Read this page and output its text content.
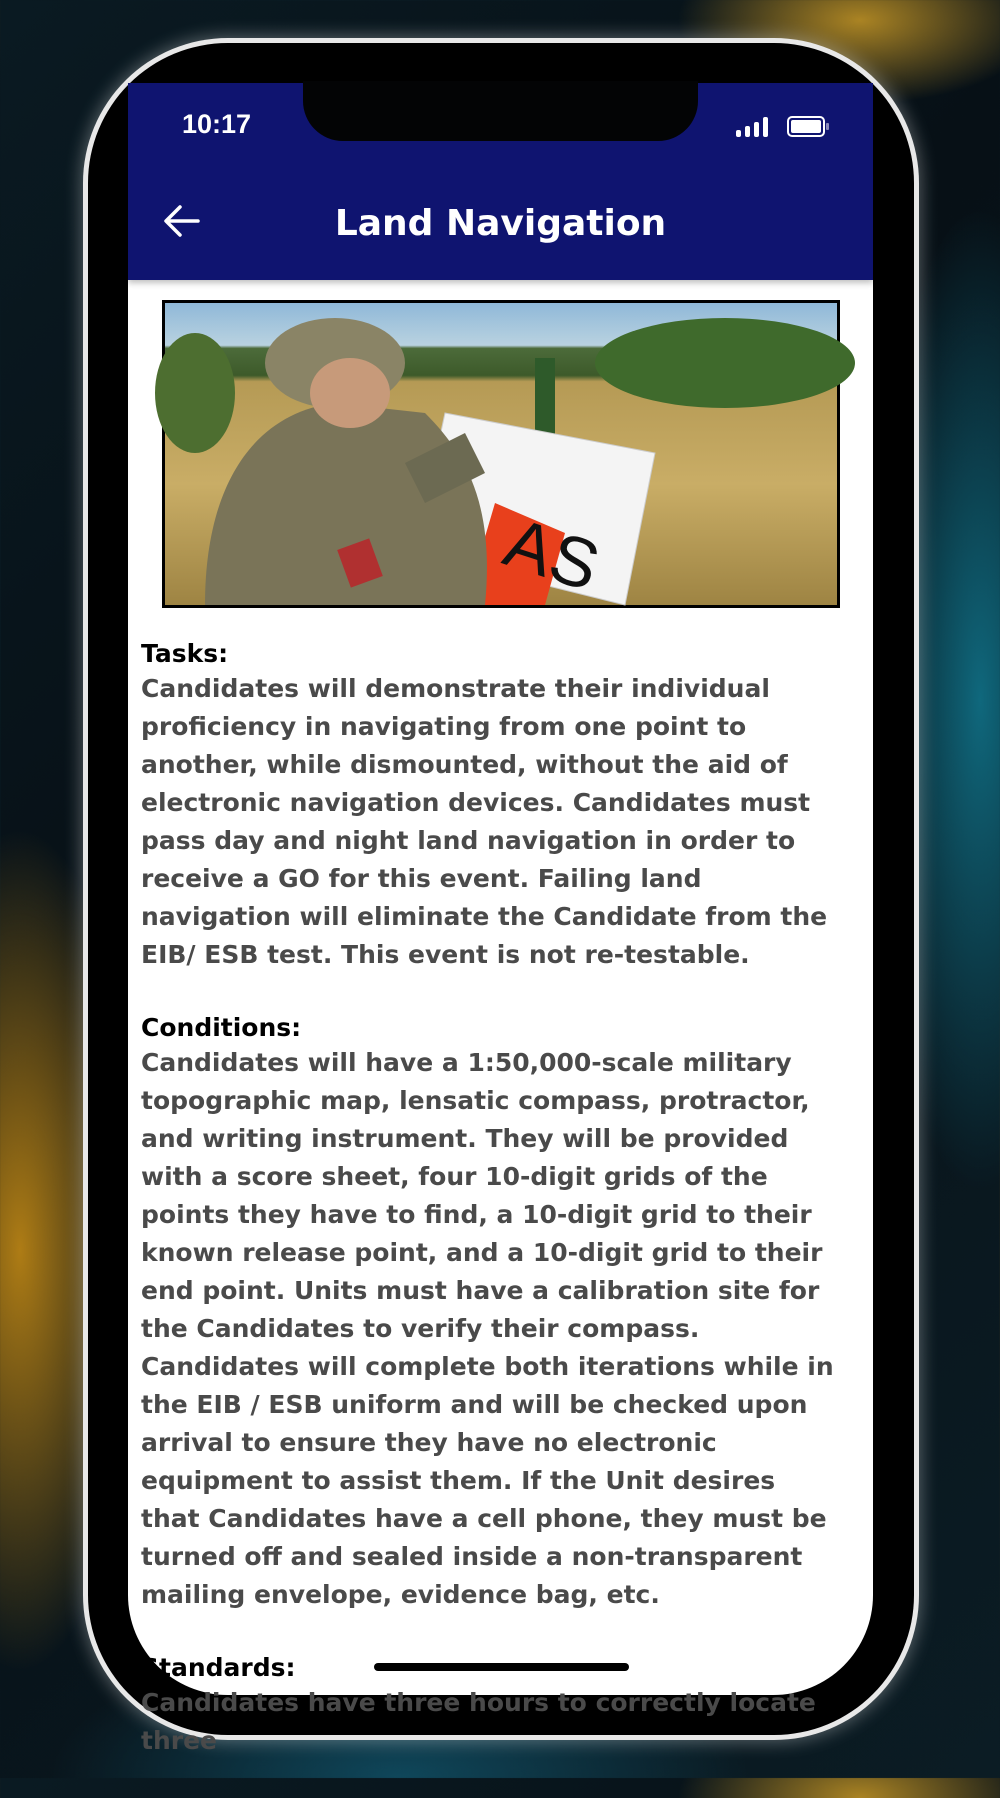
10:17
Land Navigation
AS
Tasks:

Candidates will demonstrate their individual proficiency in navigating from one point to another, while dismounted, without the aid of electronic navigation devices. Candidates must pass day and night land navigation in order to receive a GO for this event. Failing land navigation will eliminate the Candidate from the EIB/ ESB test. This event is not re-testable.

Conditions:

Candidates will have a 1:50,000-scale military topographic map, lensatic compass, protractor, and writing instrument. They will be provided with a score sheet, four 10-digit grids of the points they have to find, a 10-digit grid to their known release point, and a 10-digit grid to their end point. Units must have a calibration site for the Candidates to verify their compass. Candidates will complete both iterations while in the EIB / ESB uniform and will be checked upon arrival to ensure they have no electronic equipment to assist them. If the Unit desires that Candidates have a cell phone, they must be turned off and sealed inside a non-transparent mailing envelope, evidence bag, etc.

Standards:

Candidates have three hours to correctly locate three
